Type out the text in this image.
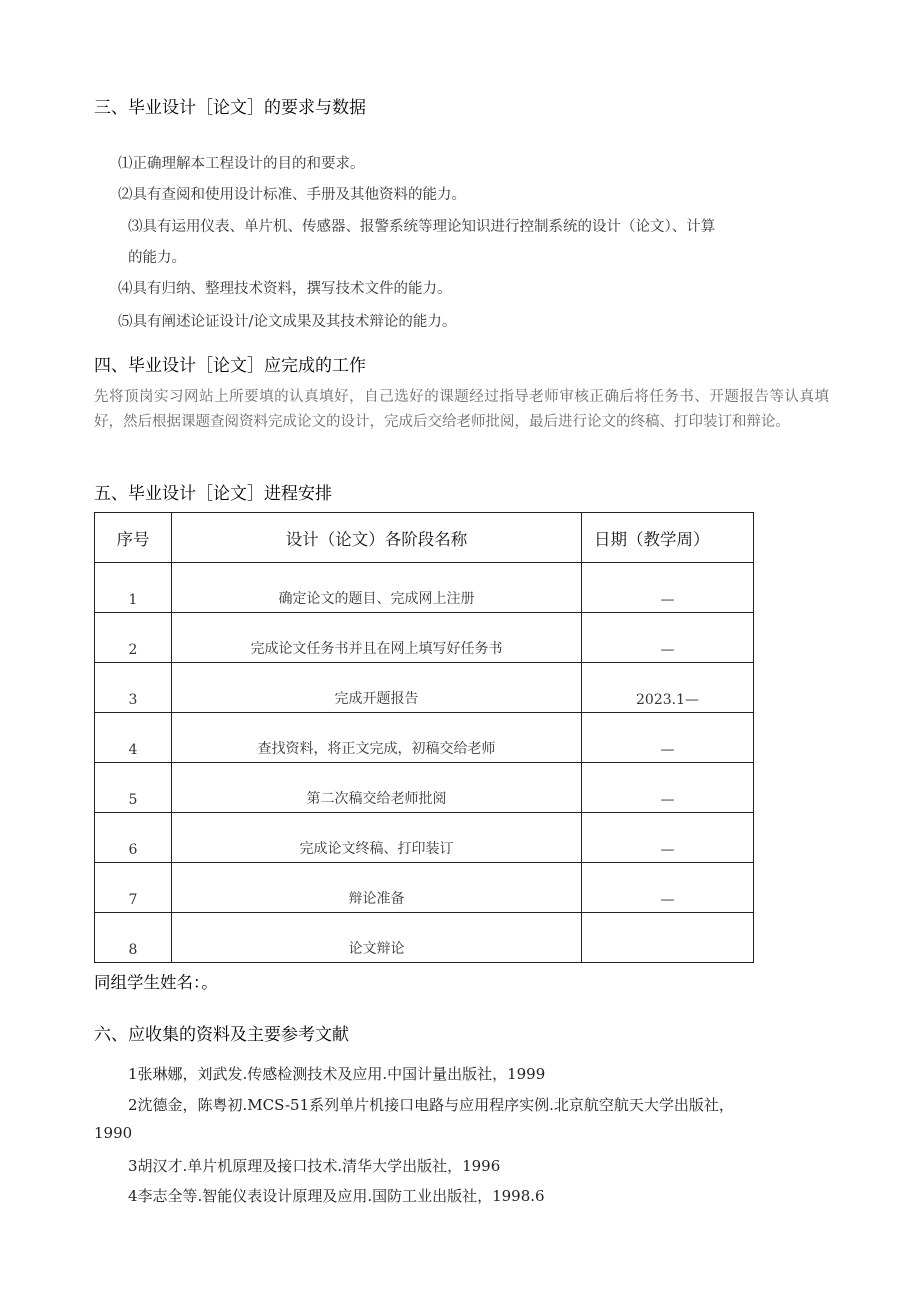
三、毕业设计［论文］的要求与数据
⑴正确理解本工程设计的目的和要求。
⑵具有查阅和使用设计标准、手册及其他资料的能力。
⑶具有运用仪表、单片机、传感器、报警系统等理论知识进行控制系统的设计（论文）、计算
的能力。
⑷具有归纳、整理技术资料，撰写技术文件的能力。
⑸具有阐述论证设计/论文成果及其技术辩论的能力。
四、毕业设计［论文］应完成的工作
先将顶岗实习网站上所要填的认真填好，自己选好的课题经过指导老师审核正确后将任务书、开题报告等认真填好，然后根据课题查阅资料完成论文的设计，完成后交给老师批阅，最后进行论文的终稿、打印装订和辩论。
五、毕业设计［论文］进程安排
序号	设计（论文）各阶段名称	日期（教学周）
1	确定论文的题目、完成网上注册	—
2	完成论文任务书并且在网上填写好任务书	—
3	完成开题报告	2023.1—
4	查找资料，将正文完成，初稿交给老师	—
5	第二次稿交给老师批阅	—
6	完成论文终稿、打印装订	—
7	辩论准备	—
8	论文辩论	
同组学生姓名：。
六、应收集的资料及主要参考文献
1张琳娜，刘武发.传感检测技术及应用.中国计量出版社，1999
2沈德金，陈粤初.MCS-51系列单片机接口电路与应用程序实例.北京航空航天大学出版社，
1990
3胡汉才.单片机原理及接口技术.清华大学出版社，1996
4李志全等.智能仪表设计原理及应用.国防工业出版社，1998.6
